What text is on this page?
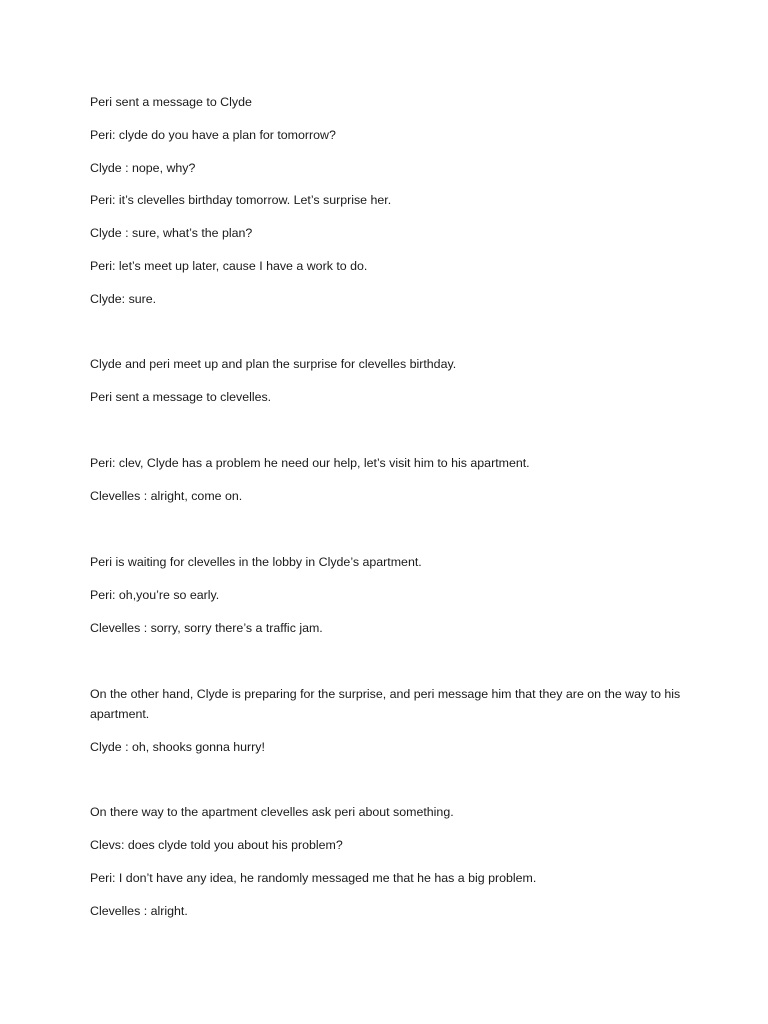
Peri sent a message to Clyde
Peri: clyde do you have a plan for tomorrow?
Clyde : nope, why?
Peri: it’s clevelles birthday tomorrow. Let’s surprise her.
Clyde : sure, what’s the plan?
Peri: let’s meet up later, cause I have a work to do.
Clyde: sure.
Clyde and peri meet up and plan the surprise for clevelles birthday.
Peri sent a message to clevelles.
Peri: clev, Clyde has a problem he need our help, let’s visit him to his apartment.
Clevelles : alright, come on.
Peri is waiting for clevelles in the lobby in Clyde’s apartment.
Peri: oh,you’re so early.
Clevelles : sorry, sorry there’s a traffic jam.
On the other hand, Clyde is preparing for the surprise, and peri message him that they are on the way to his apartment.
Clyde : oh, shooks gonna hurry!
On there way to the apartment clevelles ask peri about something.
Clevs: does clyde told you about his problem?
Peri: I don’t have any idea, he randomly messaged me that he has a big problem.
Clevelles : alright.
